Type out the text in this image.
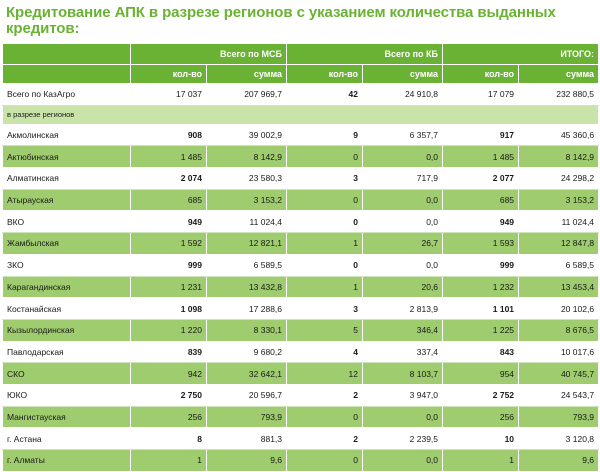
Кредитование АПК в разрезе регионов с указанием количества выданных кредитов:
	Всего по МСБ		Всего по КБ		ИТОГО:	
	кол-во	сумма	кол-во	сумма	кол-во	сумма
Всего по КазАгро	17 037	207 969,7	42	24 910,8	17 079	232 880,5
в разрезе регионов						
Акмолинская	908	39 002,9	9	6 357,7	917	45 360,6
Актюбинская	1 485	8 142,9	0	0,0	1 485	8 142,9
Алматинская	2 074	23 580,3	3	717,9	2 077	24 298,2
Атырауская	685	3 153,2	0	0,0	685	3 153,2
ВКО	949	11 024,4	0	0,0	949	11 024,4
Жамбылская	1 592	12 821,1	1	26,7	1 593	12 847,8
ЗКО	999	6 589,5	0	0,0	999	6 589,5
Карагандинская	1 231	13 432,8	1	20,6	1 232	13 453,4
Костанайская	1 098	17 288,6	3	2 813,9	1 101	20 102,6
Кызылординская	1 220	8 330,1	5	346,4	1 225	8 676,5
Павлодарская	839	9 680,2	4	337,4	843	10 017,6
СКО	942	32 642,1	12	8 103,7	954	40 745,7
ЮКО	2 750	20 596,7	2	3 947,0	2 752	24 543,7
Мангистауская	256	793,9	0	0,0	256	793,9
г. Астана	8	881,3	2	2 239,5	10	3 120,8
г. Алматы	1	9,6	0	0,0	1	9,6
